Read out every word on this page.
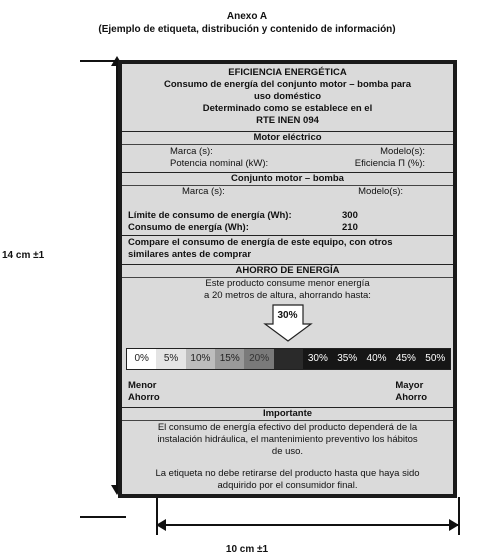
Anexo A
(Ejemplo de etiqueta, distribución y contenido de información)
14 cm ±1
10 cm ±1
EFICIENCIA ENERGÉTICA
Consumo de energía del conjunto motor – bomba para
uso doméstico
Determinado como se establece en el
RTE INEN 094
Motor eléctrico
Marca (s):	Modelo(s):
Potencia nominal (kW):	Eficiencia Π (%):
Conjunto motor – bomba
Marca (s):	Modelo(s):
Límite de consumo de energía (Wh):	300
Consumo de energía (Wh):	210
Compare el consumo de energía de este equipo, con otros
similares antes de comprar
AHORRO DE ENERGÍA
Este producto consume menor energía
a 20 metros de altura, ahorrando hasta:
30%
0%	5%	10% 15% 20%	30% 35% 40% 45% 50%
Menor
Ahorro
Mayor
Ahorro
Importante
El consumo de energía efectivo del producto dependerá de la
instalación hidráulica, el mantenimiento preventivo los hábitos
de uso.
La etiqueta no debe retirarse del producto hasta que haya sido
adquirido por el consumidor final.
